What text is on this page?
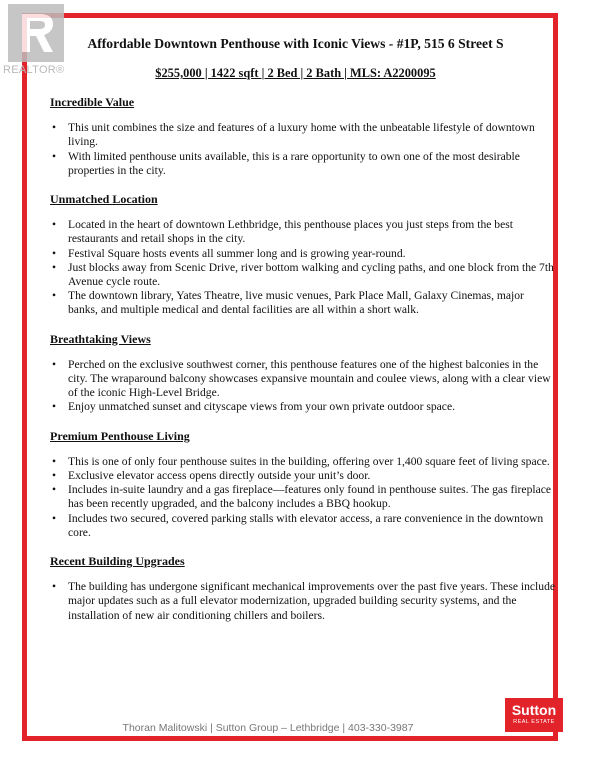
REALTOR®
Affordable Downtown Penthouse with Iconic Views - #1P, 515 6 Street S
$255,000 | 1422 sqft | 2 Bed | 2 Bath | MLS: A2200095
Incredible Value
• This unit combines the size and features of a luxury home with the unbeatable lifestyle of downtown living.
• With limited penthouse units available, this is a rare opportunity to own one of the most desirable properties in the city.
Unmatched Location
• Located in the heart of downtown Lethbridge, this penthouse places you just steps from the best restaurants and retail shops in the city.
• Festival Square hosts events all summer long and is growing year-round.
• Just blocks away from Scenic Drive, river bottom walking and cycling paths, and one block from the 7th Avenue cycle route.
• The downtown library, Yates Theatre, live music venues, Park Place Mall, Galaxy Cinemas, major banks, and multiple medical and dental facilities are all within a short walk.
Breathtaking Views
• Perched on the exclusive southwest corner, this penthouse features one of the highest balconies in the city. The wraparound balcony showcases expansive mountain and coulee views, along with a clear view of the iconic High-Level Bridge.
• Enjoy unmatched sunset and cityscape views from your own private outdoor space.
Premium Penthouse Living
• This is one of only four penthouse suites in the building, offering over 1,400 square feet of living space.
• Exclusive elevator access opens directly outside your unit’s door.
• Includes in-suite laundry and a gas fireplace—features only found in penthouse suites. The gas fireplace has been recently upgraded, and the balcony includes a BBQ hookup.
• Includes two secured, covered parking stalls with elevator access, a rare convenience in the downtown core.
Recent Building Upgrades
• The building has undergone significant mechanical improvements over the past five years. These include major updates such as a full elevator modernization, upgraded building security systems, and the installation of new air conditioning chillers and boilers.
Thoran Malitowski | Sutton Group – Lethbridge | 403-330-3987
Sutton
REAL ESTATE
